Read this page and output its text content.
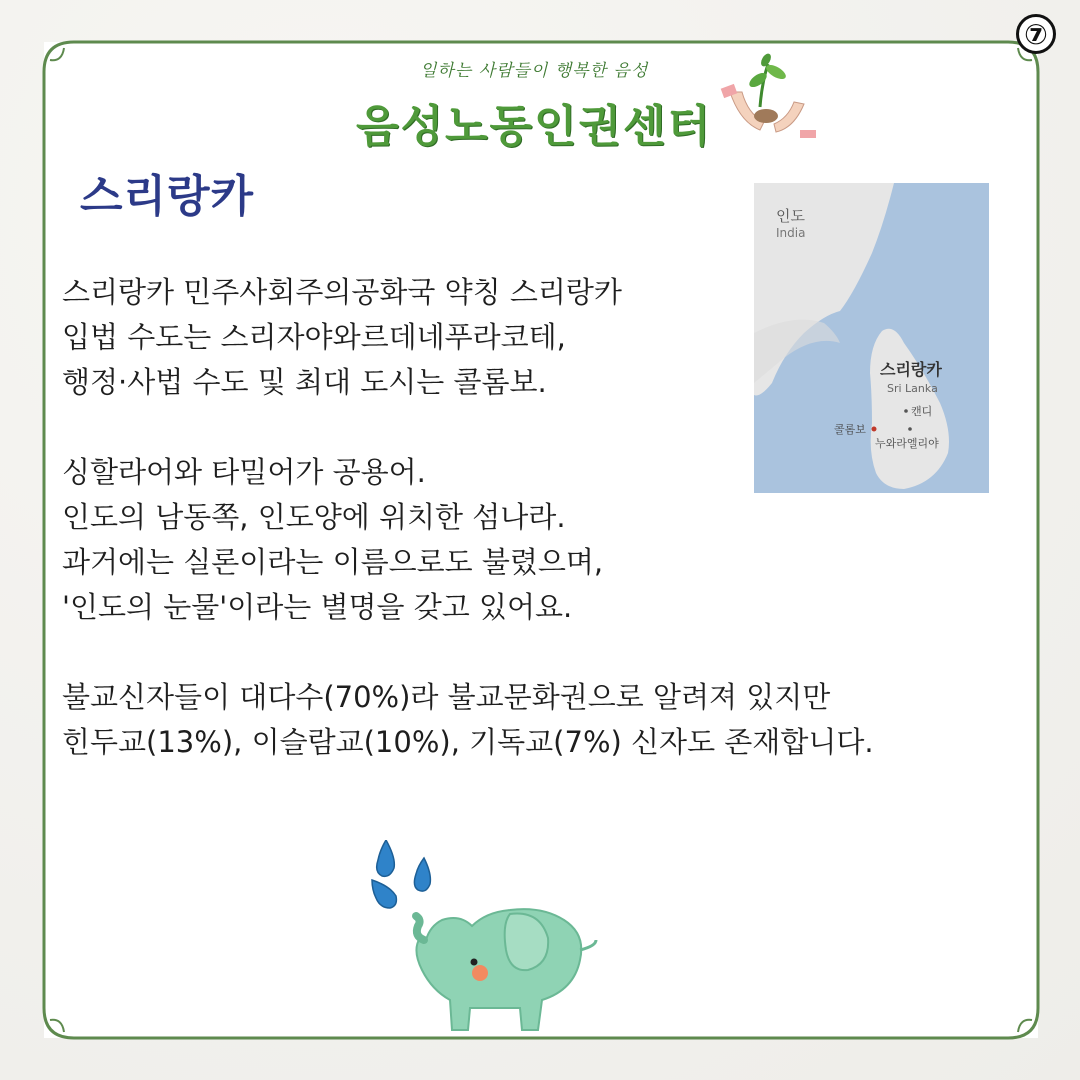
⑦
일하는 사람들이 행복한 음성
음성노동인권센터
스리랑카	인도
India
스리랑카
Sri Lanka
캔디
콜롬보
누와라엘리야
스리랑카 민주사회주의공화국 약칭 스리랑카
입법 수도는 스리자야와르데네푸라코테,
행정·사법 수도 및 최대 도시는 콜롬보.
싱할라어와 타밀어가 공용어.
인도의 남동쪽, 인도양에 위치한 섬나라.
과거에는 실론이라는 이름으로도 불렸으며,
'인도의 눈물'이라는 별명을 갖고 있어요.
불교신자들이 대다수(70%)라 불교문화권으로 알려져 있지만
힌두교(13%), 이슬람교(10%), 기독교(7%) 신자도 존재합니다.
